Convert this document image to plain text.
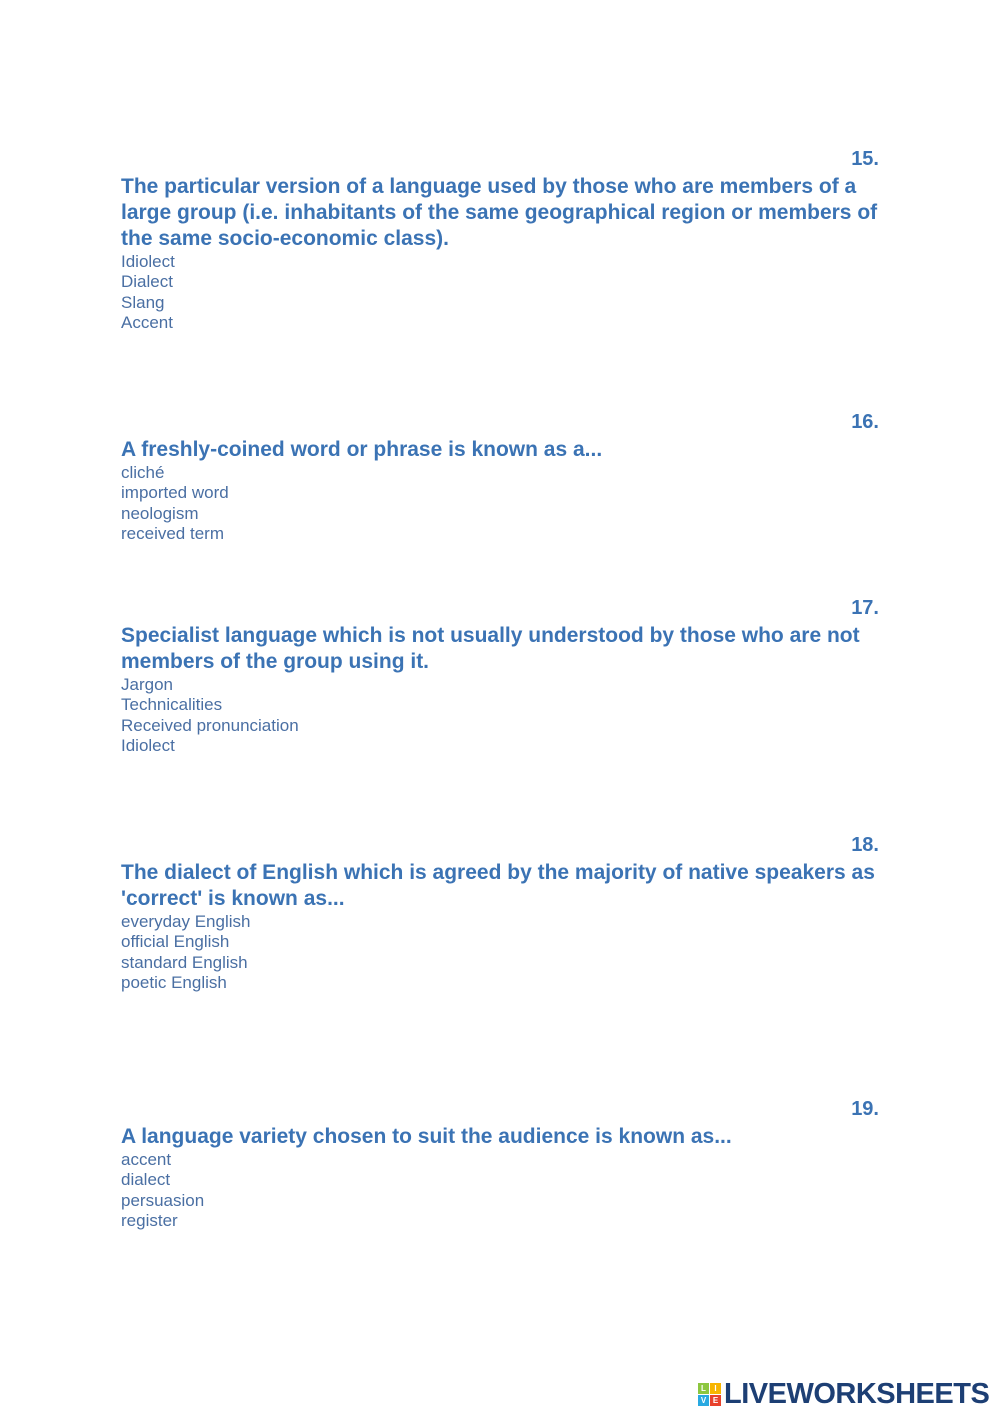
15.
The particular version of a language used by those who are members of a large group (i.e. inhabitants of the same geographical region or members of the same socio-economic class).
Idiolect
Dialect
Slang
Accent
16.
A freshly-coined word or phrase is known as a...
cliché
imported word
neologism
received term
17.
Specialist language which is not usually understood by those who are not members of the group using it.
Jargon
Technicalities
Received pronunciation
Idiolect
18.
The dialect of English which is agreed by the majority of native speakers as 'correct' is known as...
everyday English
official English
standard English
poetic English
19.
A language variety chosen to suit the audience is known as...
accent
dialect
persuasion
register
L	I
V E LIVEWORKSHEETS
